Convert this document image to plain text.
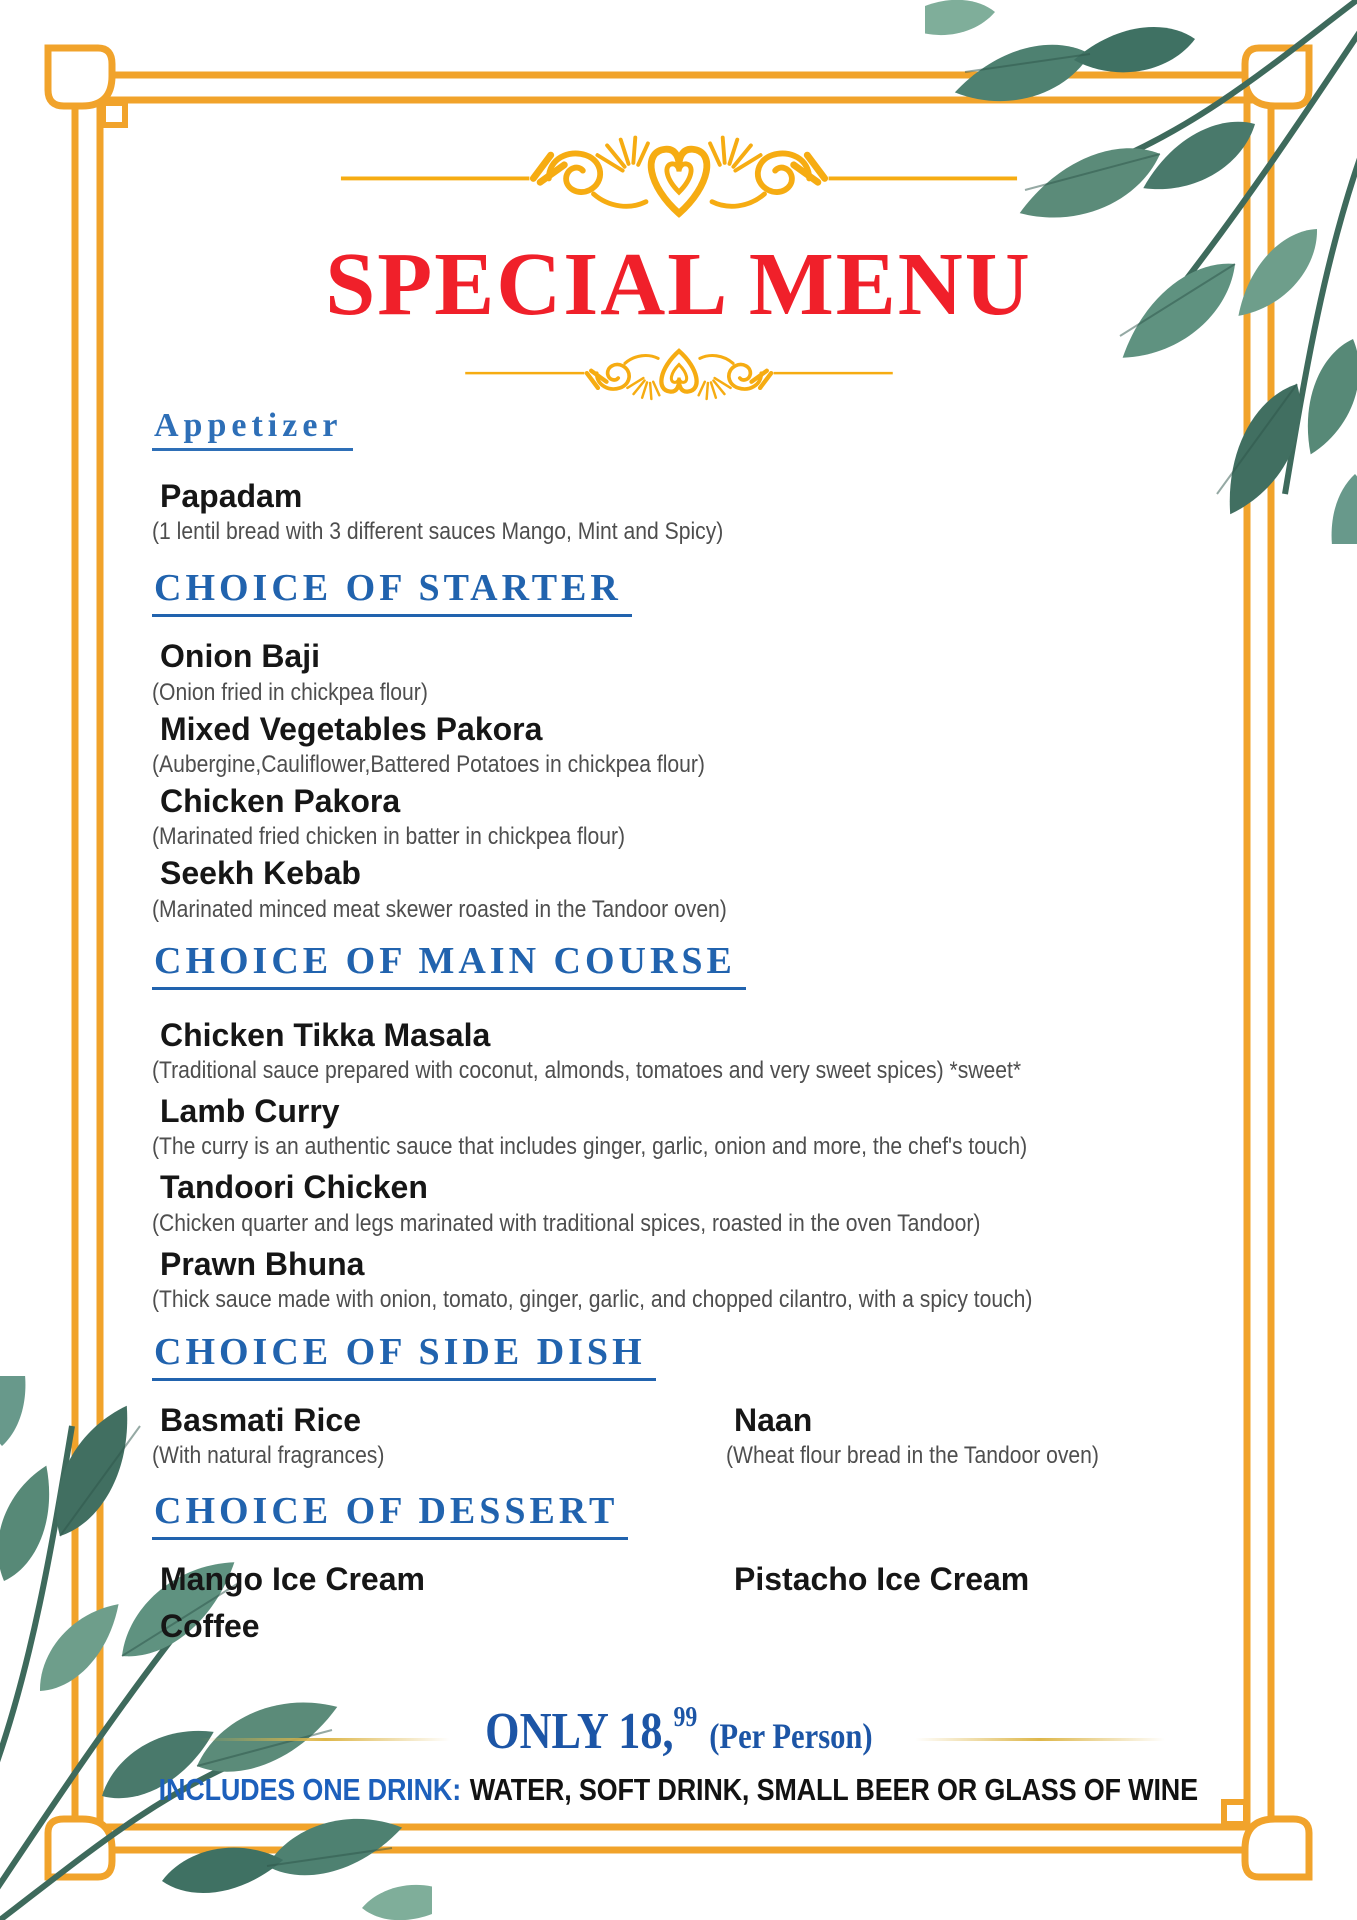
SPECIAL MENU
Appetizer
Papadam
(1 lentil bread with 3 different sauces Mango, Mint and Spicy)
CHOICE OF STARTER
Onion Baji
(Onion fried in chickpea flour)
Mixed Vegetables Pakora
(Aubergine,Cauliflower,Battered Potatoes in chickpea flour)
Chicken Pakora
(Marinated fried chicken in batter in chickpea flour)
Seekh Kebab
(Marinated minced meat skewer roasted in the Tandoor oven)
CHOICE OF MAIN COURSE
Chicken Tikka Masala
(Traditional sauce prepared with coconut, almonds, tomatoes and very sweet spices) *sweet*
Lamb Curry
(The curry is an authentic sauce that includes ginger, garlic, onion and more, the chef's touch)
Tandoori Chicken
(Chicken quarter and legs marinated with traditional spices, roasted in the oven Tandoor)
Prawn Bhuna
(Thick sauce made with onion, tomato, ginger, garlic, and chopped cilantro, with a spicy touch)
CHOICE OF SIDE DISH
Basmati Rice
(With natural fragrances)
Naan
(Wheat flour bread in the Tandoor oven)
CHOICE OF DESSERT
Mango Ice Cream	Pistacho Ice Cream
Coffee
ONLY 18,99 (Per Person)
INCLUDES ONE DRINK: WATER, SOFT DRINK, SMALL BEER OR GLASS OF WINE
